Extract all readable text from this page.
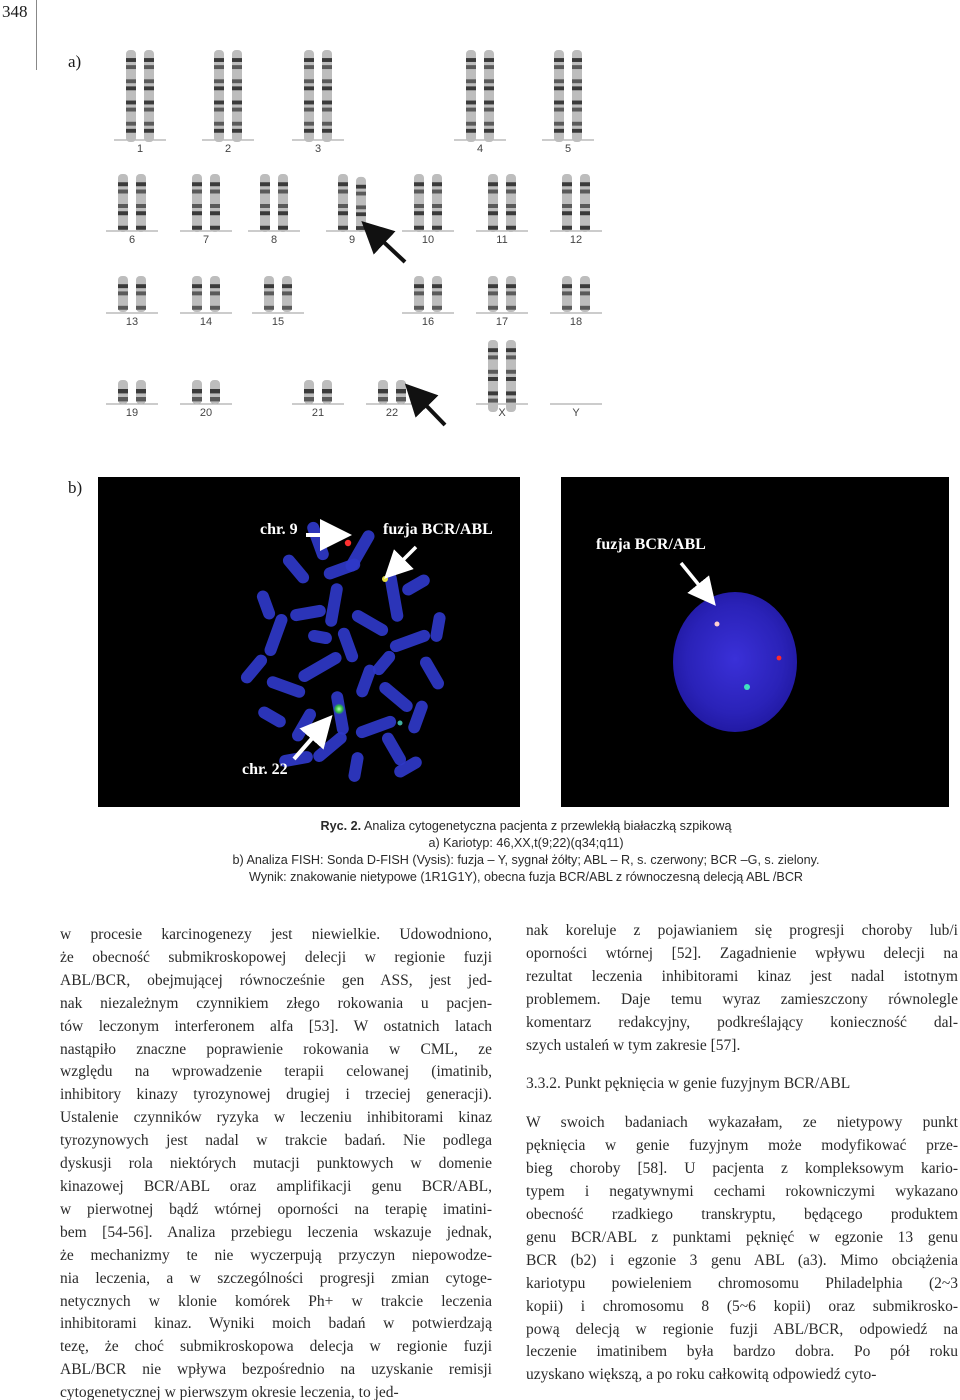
348
a)
1	2	3	4	5
6	7	8	9	10	11	12
13	14	15	16	17	18
19	20	21	22	X	Y
b)
chr. 9	fuzja BCR/ABL
chr. 22
fuzja BCR/ABL
Ryc. 2. Analiza cytogenetyczna pacjenta z przewlekłą białaczką szpikową
a) Kariotyp: 46,XX,t(9;22)(q34;q11)
b) Analiza FISH: Sonda D-FISH (Vysis): fuzja – Y, sygnał żółty; ABL – R, s. czerwony; BCR –G, s. zielony.
Wynik: znakowanie nietypowe (1R1G1Y), obecna fuzja BCR/ABL z równoczesną delecją ABL /BCR
w procesie karcinogenezy jest niewielkie. Udowodniono,
że obecność submikroskopowej delecji w regionie fuzji
ABL/BCR, obejmującej równocześnie gen ASS, jest jed-
nak niezależnym czynnikiem złego rokowania u pacjen-
tów leczonym interferonem alfa [53]. W ostatnich latach
nastąpiło znaczne poprawienie rokowania w CML, ze
względu na wprowadzenie terapii celowanej (imatinib,
inhibitory kinazy tyrozynowej drugiej i trzeciej generacji).
Ustalenie czynników ryzyka w leczeniu inhibitorami kinaz
tyrozynowych jest nadal w trakcie badań. Nie podlega
dyskusji rola niektórych mutacji punktowych w domenie
kinazowej BCR/ABL oraz amplifikacji genu BCR/ABL,
w pierwotnej bądź wtórnej oporności na terapię imatini-
bem [54-56]. Analiza przebiegu leczenia wskazuje jednak,
że mechanizmy te nie wyczerpują przyczyn niepowodze-
nia leczenia, a w szczególności progresji zmian cytoge-
netycznych w klonie komórek Ph+ w trakcie leczenia
inhibitorami kinaz. Wyniki moich badań w potwierdzają
tezę, że choć submikroskopowa delecja w regionie fuzji
ABL/BCR nie wpływa bezpośrednio na uzyskanie remisji
cytogenetycznej w pierwszym okresie leczenia, to jed-
nak koreluje z pojawianiem się progresji choroby lub/i
oporności wtórnej [52]. Zagadnienie wpływu delecji na
rezultat leczenia inhibitorami kinaz jest nadal istotnym
problemem. Daje temu wyraz zamieszczony równolegle
komentarz redakcyjny, podkreślający konieczność dal-
szych ustaleń w tym zakresie [57].
3.3.2. Punkt pęknięcia w genie fuzyjnym BCR/ABL
W swoich badaniach wykazałam, ze nietypowy punkt
pęknięcia w genie fuzyjnym może modyfikować prze-
bieg choroby [58]. U pacjenta z kompleksowym kario-
typem i negatywnymi cechami rokowniczymi wykazano
obecność rzadkiego transkryptu, będącego produktem
genu BCR/ABL z punktami pęknięć w egzonie 13 genu
BCR (b2) i egzonie 3 genu ABL (a3). Mimo obciążenia
kariotypu powieleniem chromosomu Philadelphia (2~3
kopii) i chromosomu 8 (5~6 kopii) oraz submikrosko-
pową delecją w regionie fuzji ABL/BCR, odpowiedź na
leczenie imatinibem była bardzo dobra. Po pół roku
uzyskano większą, a po roku całkowitą odpowiedź cyto-
